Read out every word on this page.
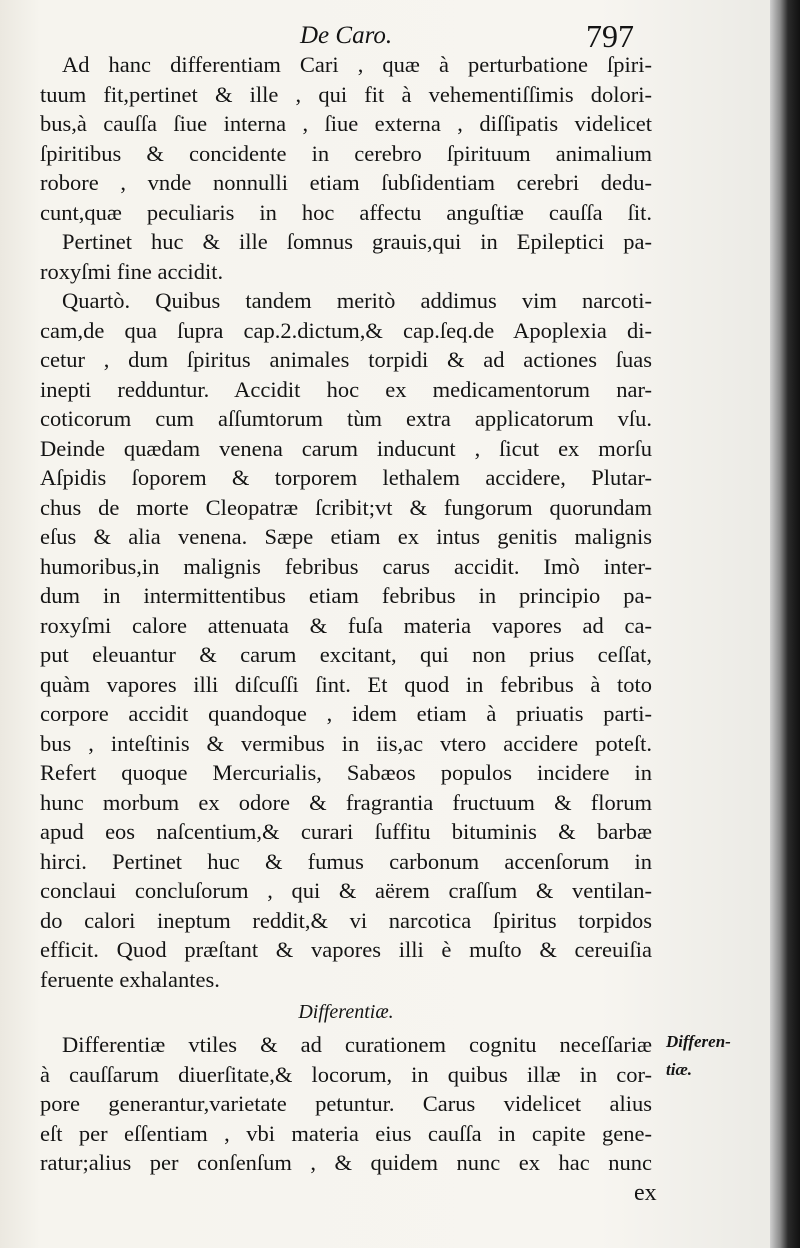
De Caro.	797
Ad hanc differentiam Cari , quæ à perturbatione ſpiri-
tuum fit,pertinet & ille , qui fit à vehementiſſimis dolori-
bus,à cauſſa ſiue interna , ſiue externa , diſſipatis videlicet
ſpiritibus & concidente in cerebro ſpirituum animalium
robore , vnde nonnulli etiam ſubſidentiam cerebri dedu-
cunt,quæ peculiaris in hoc affectu anguſtiæ cauſſa ſit.
Pertinet huc & ille ſomnus grauis,qui in Epileptici pa-
roxyſmi fine accidit.
Quartò. Quibus tandem meritò addimus vim narcoti-
cam,de qua ſupra cap.2.dictum,& cap.ſeq.de Apoplexia di-
cetur , dum ſpiritus animales torpidi & ad actiones ſuas
inepti redduntur. Accidit hoc ex medicamentorum nar-
coticorum cum aſſumtorum tùm extra applicatorum vſu.
Deinde quædam venena carum inducunt , ſicut ex morſu
Aſpidis ſoporem & torporem lethalem accidere, Plutar-
chus de morte Cleopatræ ſcribit;vt & fungorum quorundam
eſus & alia venena. Sæpe etiam ex intus genitis malignis
humoribus,in malignis febribus carus accidit. Imò inter-
dum in intermittentibus etiam febribus in principio pa-
roxyſmi calore attenuata & fuſa materia vapores ad ca-
put eleuantur & carum excitant, qui non prius ceſſat,
quàm vapores illi diſcuſſi ſint. Et quod in febribus à toto
corpore accidit quandoque , idem etiam à priuatis parti-
bus , inteſtinis & vermibus in iis,ac vtero accidere poteſt.
Refert quoque Mercurialis, Sabæos populos incidere in
hunc morbum ex odore & fragrantia fructuum & florum
apud eos naſcentium,& curari ſuffitu bituminis & barbæ
hirci. Pertinet huc & fumus carbonum accenſorum in
conclaui concluſorum , qui & aërem craſſum & ventilan-
do calori ineptum reddit,& vi narcotica ſpiritus torpidos
efficit. Quod præſtant & vapores illi è muſto & cereuiſia
feruente exhalantes.
Differentiæ.
Differentiæ vtiles & ad curationem cognitu neceſſariæ
à cauſſarum diuerſitate,& locorum, in quibus illæ in cor-
pore generantur,varietate petuntur. Carus videlicet alius
eſt per eſſentiam , vbi materia eius cauſſa in capite gene-
ratur;alius per conſenſum , & quidem nunc ex hac nunc
Differen-
tiæ.
ex
